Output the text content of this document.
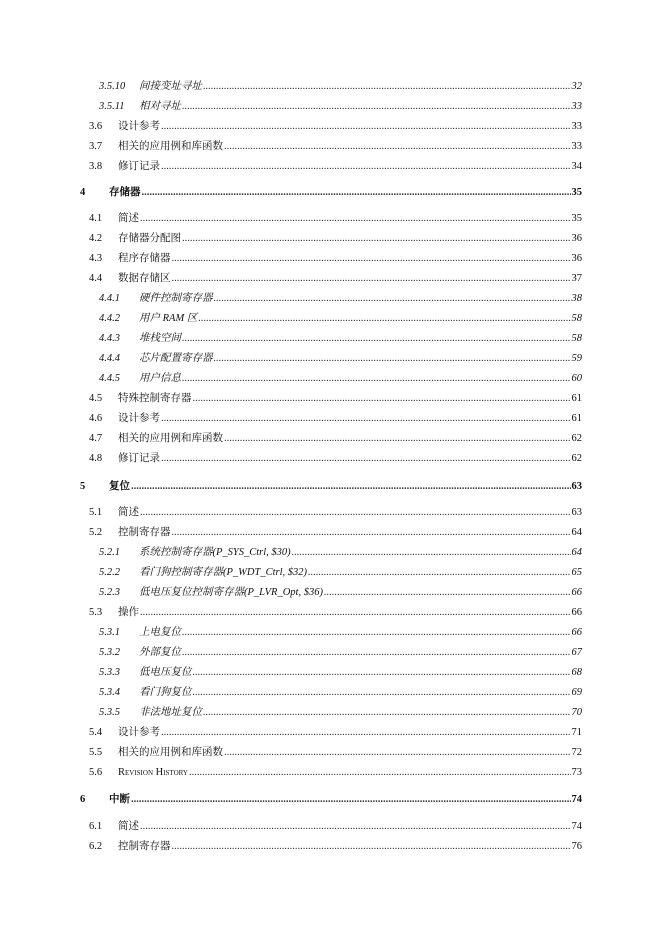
3.5.10	间接变址寻址 .....	32
3.5.11	相对寻址 .....	33
3.6	设计参考 .....	33
3.7	相关的应用例和库函数 .....	33
3.8	修订记录 .....	34
4	存储器 .....	35
4.1	简述 .....	35
4.2	存储器分配图 .....	36
4.3	程序存储器 .....	36
4.4	数据存储区 .....	37
4.4.1	硬件控制寄存器 .....	38
4.4.2	用户 RAM 区 .....	58
4.4.3	堆栈空间 .....	58
4.4.4	芯片配置寄存器 .....	59
4.4.5	用户信息 .....	60
4.5	特殊控制寄存器 .....	61
4.6	设计参考 .....	61
4.7	相关的应用例和库函数 .....	62
4.8	修订记录 .....	62
5	复位 .....	63
5.1	简述 .....	63
5.2	控制寄存器 .....	64
5.2.1	系统控制寄存器(P_SYS_Ctrl, $30) .....	64
5.2.2	看门狗控制寄存器(P_WDT_Ctrl, $32) .....	65
5.2.3	低电压复位控制寄存器(P_LVR_Opt, $36) .....	66
5.3	操作 .....	66
5.3.1	上电复位 .....	66
5.3.2	外部复位 .....	67
5.3.3	低电压复位 .....	68
5.3.4	看门狗复位 .....	69
5.3.5	非法地址复位 .....	70
5.4	设计参考 .....	71
5.5	相关的应用例和库函数 .....	72
5.6	Revision History .....	73
6	中断 .....	74
6.1	简述 .....	74
6.2	控制寄存器 .....	76
